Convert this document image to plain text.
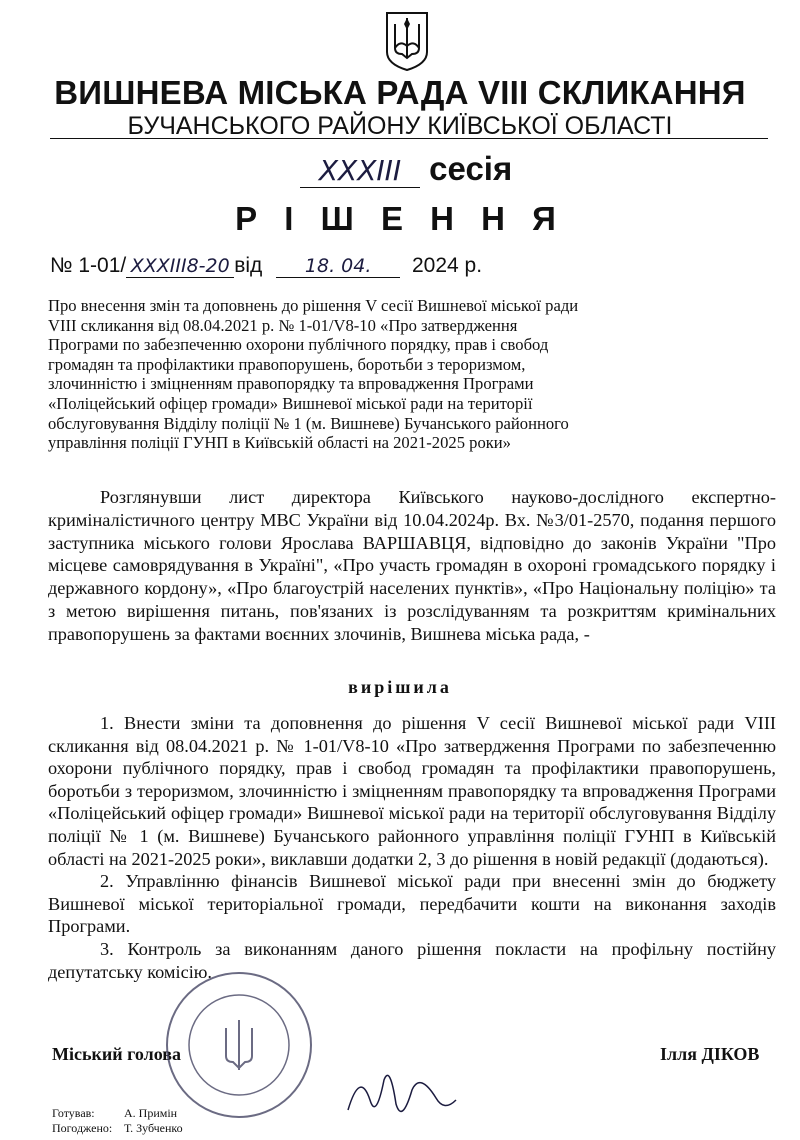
ВИШНЕВА МІСЬКА РАДА VIII СКЛИКАННЯ
БУЧАНСЬКОГО РАЙОНУ КИЇВСЬКОЇ ОБЛАСТІ
XXXIII сесія
Р І Ш Е Н Н Я
№ 1-01/ XXXIII8-20 від 18. 04. 2024 р.

Про внесення змін та доповнень до рішення V сесії Вишневої міської ради

VIII скликання від 08.04.2021 р. № 1-01/V8-10 «Про затвердження

Програми по забезпеченню охорони публічного порядку, прав і свобод

громадян та профілактики правопорушень, боротьби з тероризмом,

злочинністю і зміцненням правопорядку та впровадження Програми

«Поліцейський офіцер громади» Вишневої міської ради на території

обслуговування Відділу поліції № 1 (м. Вишневе) Бучанського районного

управління поліції ГУНП в Київській області на 2021-2025 роки»

Розглянувши лист директора Київського науково-дослідного експертно-криміналістичного центру МВС України від 10.04.2024р. Вх. №3/01-2570, подання першого заступника міського голови Ярослава ВАРШАВЦЯ, відповідно до законів України "Про місцеве самоврядування в Україні", «Про участь громадян в охороні громадського порядку і державного кордону», «Про благоустрій населених пунктів», «Про Національну поліцію» та з метою вирішення питань, пов'язаних із розслідуванням та розкриттям кримінальних правопорушень за фактами воєнних злочинів, Вишнева міська рада, -

вирішила

1. Внести зміни та доповнення до рішення V сесії Вишневої міської ради VIII скликання від 08.04.2021 р. № 1-01/V8-10 «Про затвердження Програми по забезпеченню охорони публічного порядку, прав і свобод громадян та профілактики правопорушень, боротьби з тероризмом, злочинністю і зміцненням правопорядку та впровадження Програми «Поліцейський офіцер громади» Вишневої міської ради на території обслуговування Відділу поліції № 1 (м. Вишневе) Бучанського районного управління поліції ГУНП в Київській області на 2021-2025 роки», виклавши додатки 2, 3 до рішення в новій редакції (додаються).

2. Управлінню фінансів Вишневої міської ради при внесенні змін до бюджету Вишневої міської територіальної громади, передбачити кошти на виконання заходів Програми.

3. Контроль за виконанням даного рішення покласти на профільну постійну депутатську комісію.

Міський голова	Ілля ДІКОВ
Готував: А. Примін
Погоджено: Т. Зубченко
